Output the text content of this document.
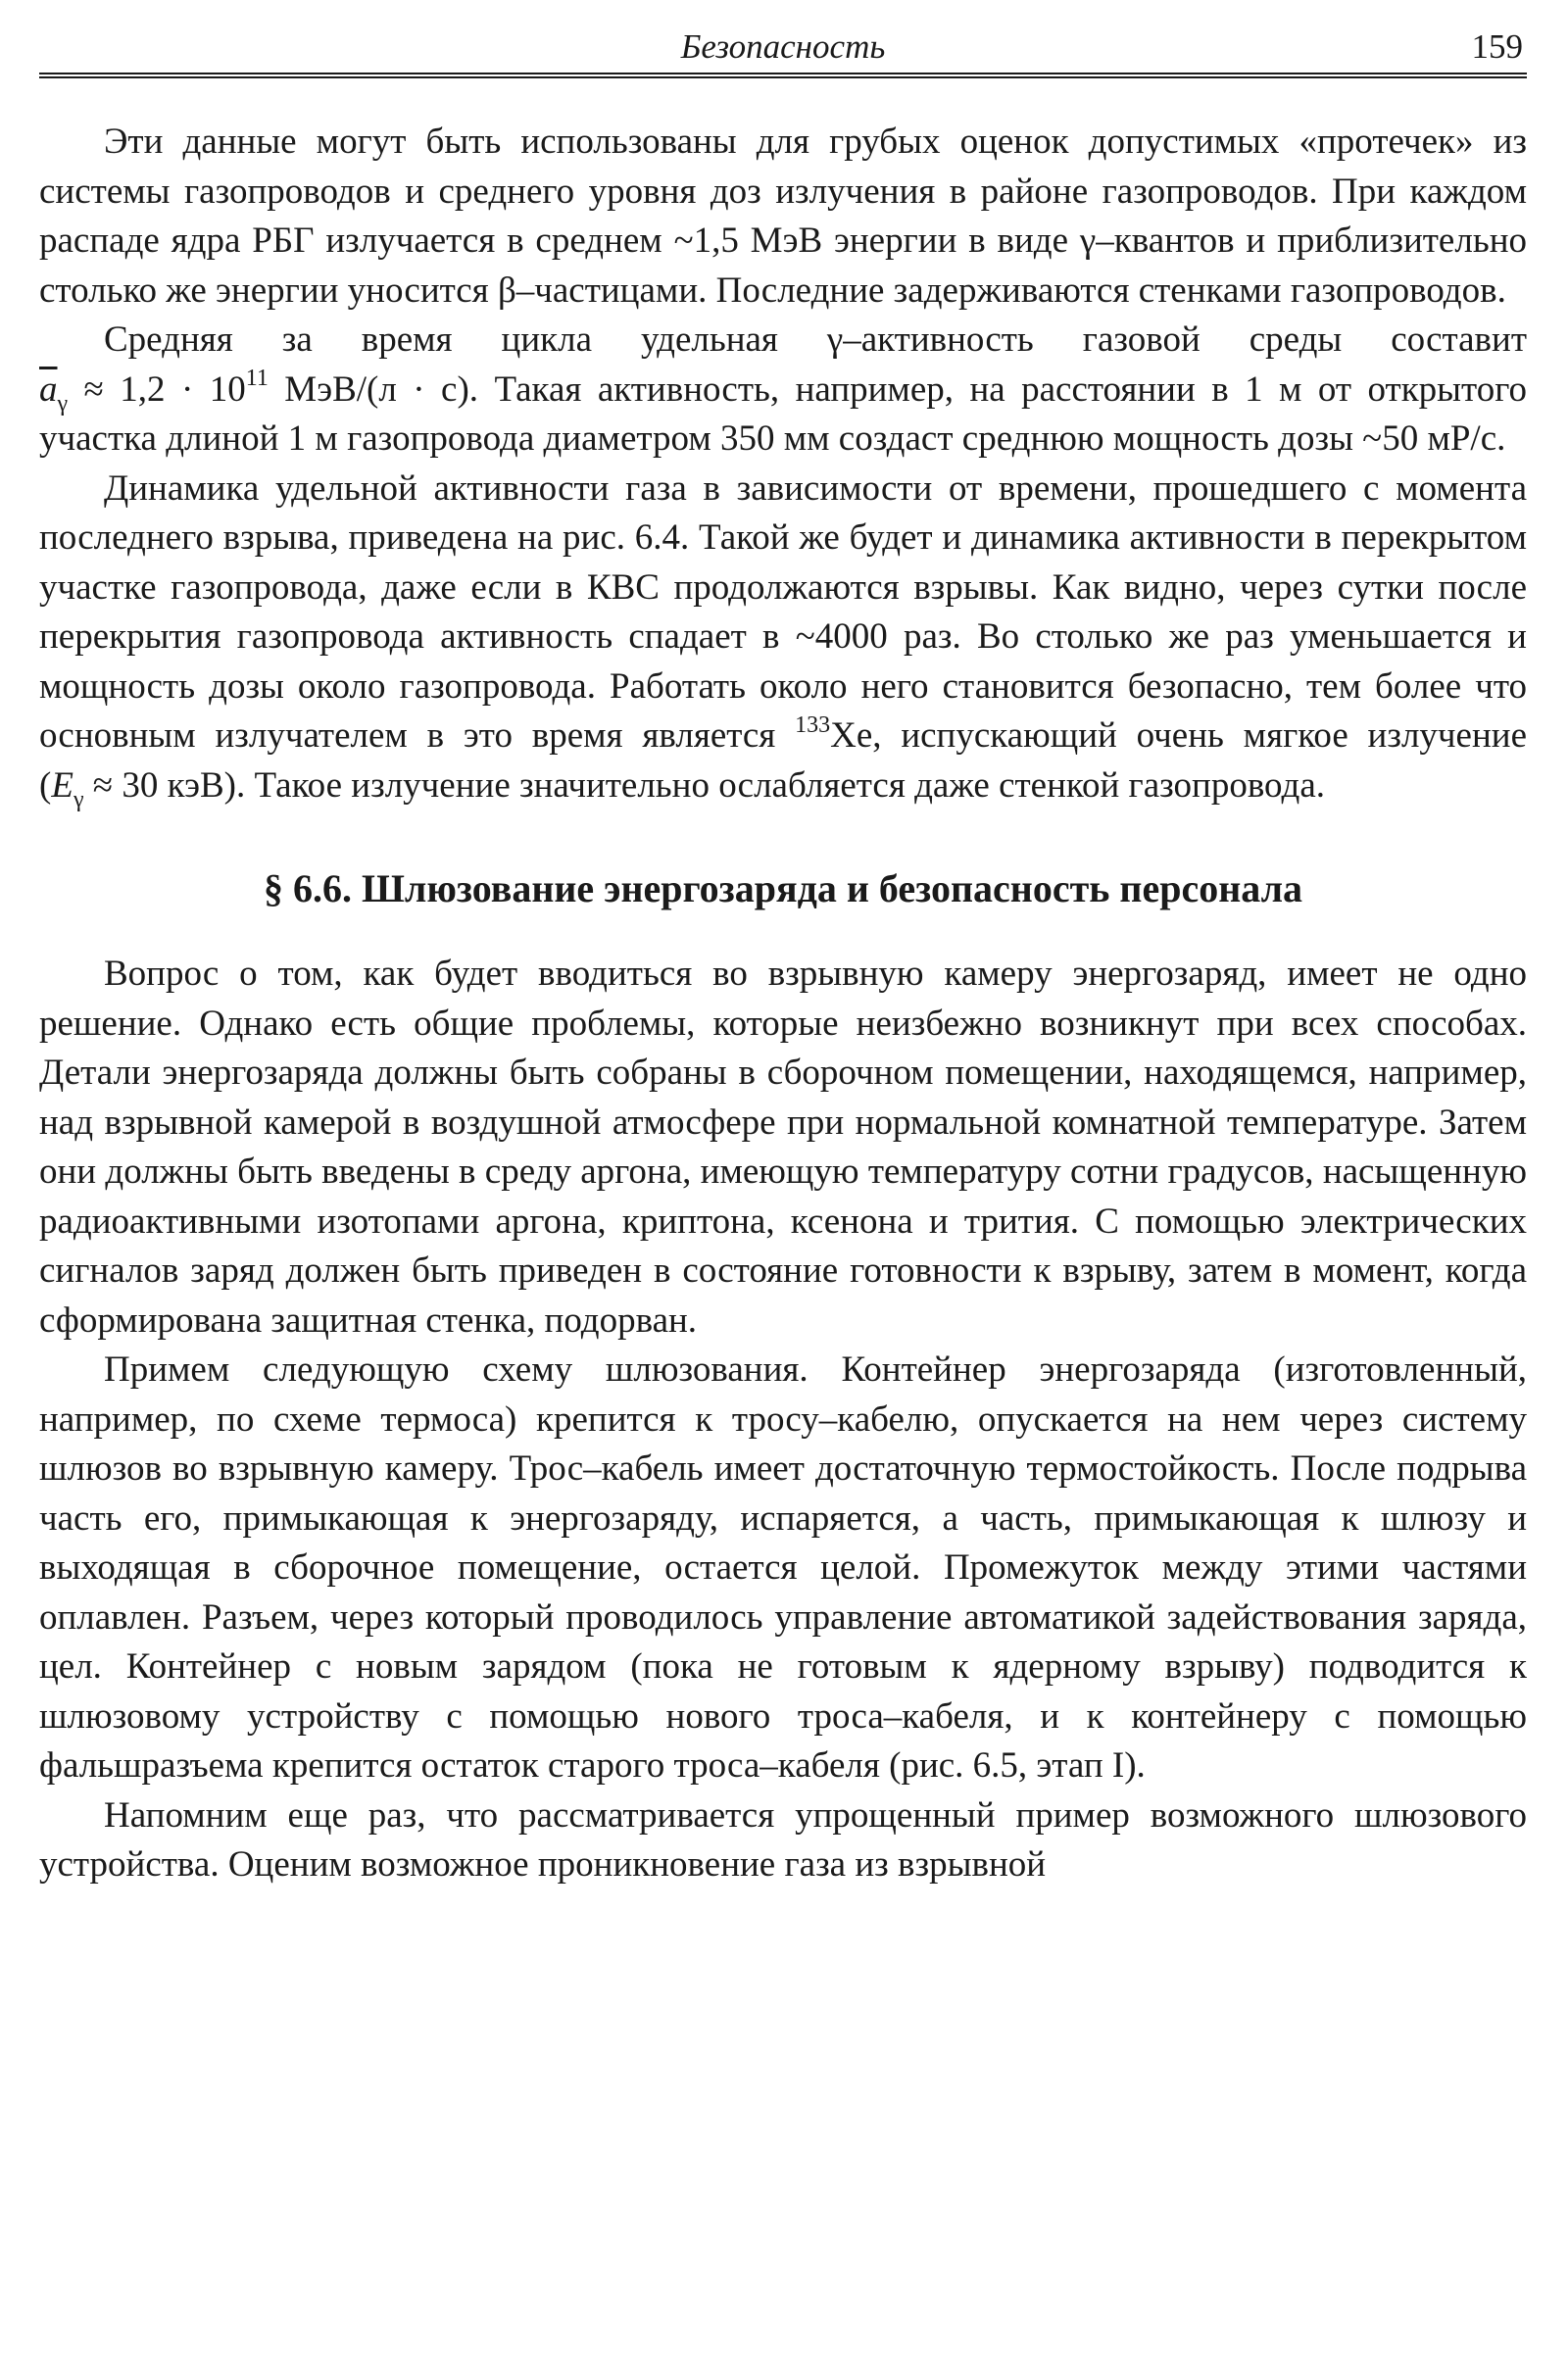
Безопасность	159

Эти данные могут быть использованы для грубых оценок допустимых «протечек» из системы газопроводов и среднего уровня доз излучения в районе газопроводов. При каждом распаде ядра РБГ излучается в среднем ~1,5 МэВ энергии в виде γ–квантов и приблизительно столько же энергии уносится β–частицами. Последние задерживаются стенками газопроводов.

Средняя за время цикла удельная γ–активность газовой среды составит $\overline{a}_\gamma \approx 1,2 \cdot 10^{11}$ МэВ/(л · с). Такая активность, например, на расстоянии в 1 м от открытого участка длиной 1 м газопровода диаметром 350 мм создаст среднюю мощность дозы ~50 мР/с.

Динамика удельной активности газа в зависимости от времени, прошедшего с момента последнего взрыва, приведена на рис. 6.4. Такой же будет и динамика активности в перекрытом участке газопровода, даже если в КВС продолжаются взрывы. Как видно, через сутки после перекрытия газопровода активность спадает в ~4000 раз. Во столько же раз уменьшается и мощность дозы около газопровода. Работать около него становится безопасно, тем более что основным излучателем в это время является $^{133}$Xe, испускающий очень мягкое излучение ($E_\gamma \approx 30$ кэВ). Такое излучение значительно ослабляется даже стенкой газопровода.

§ 6.6. Шлюзование энергозаряда и безопасность персонала

Вопрос о том, как будет вводиться во взрывную камеру энергозаряд, имеет не одно решение. Однако есть общие проблемы, которые неизбежно возникнут при всех способах. Детали энергозаряда должны быть собраны в сборочном помещении, находящемся, например, над взрывной камерой в воздушной атмосфере при нормальной комнатной температуре. Затем они должны быть введены в среду аргона, имеющую температуру сотни градусов, насыщенную радиоактивными изотопами аргона, криптона, ксенона и трития. С помощью электрических сигналов заряд должен быть приведен в состояние готовности к взрыву, затем в момент, когда сформирована защитная стенка, подорван.

Примем следующую схему шлюзования. Контейнер энергозаряда (изготовленный, например, по схеме термоса) крепится к тросу–кабелю, опускается на нем через систему шлюзов во взрывную камеру. Трос–кабель имеет достаточную термостойкость. После подрыва часть его, примыкающая к энергозаряду, испаряется, а часть, примыкающая к шлюзу и выходящая в сборочное помещение, остается целой. Промежуток между этими частями оплавлен. Разъем, через который проводилось управление автоматикой задействования заряда, цел. Контейнер с новым зарядом (пока не готовым к ядерному взрыву) подводится к шлюзовому устройству с помощью нового троса–кабеля, и к контейнеру с помощью фальшразъема крепится остаток старого троса–кабеля (рис. 6.5, этап I).

Напомним еще раз, что рассматривается упрощенный пример возможного шлюзового устройства. Оценим возможное проникновение газа из взрывной
